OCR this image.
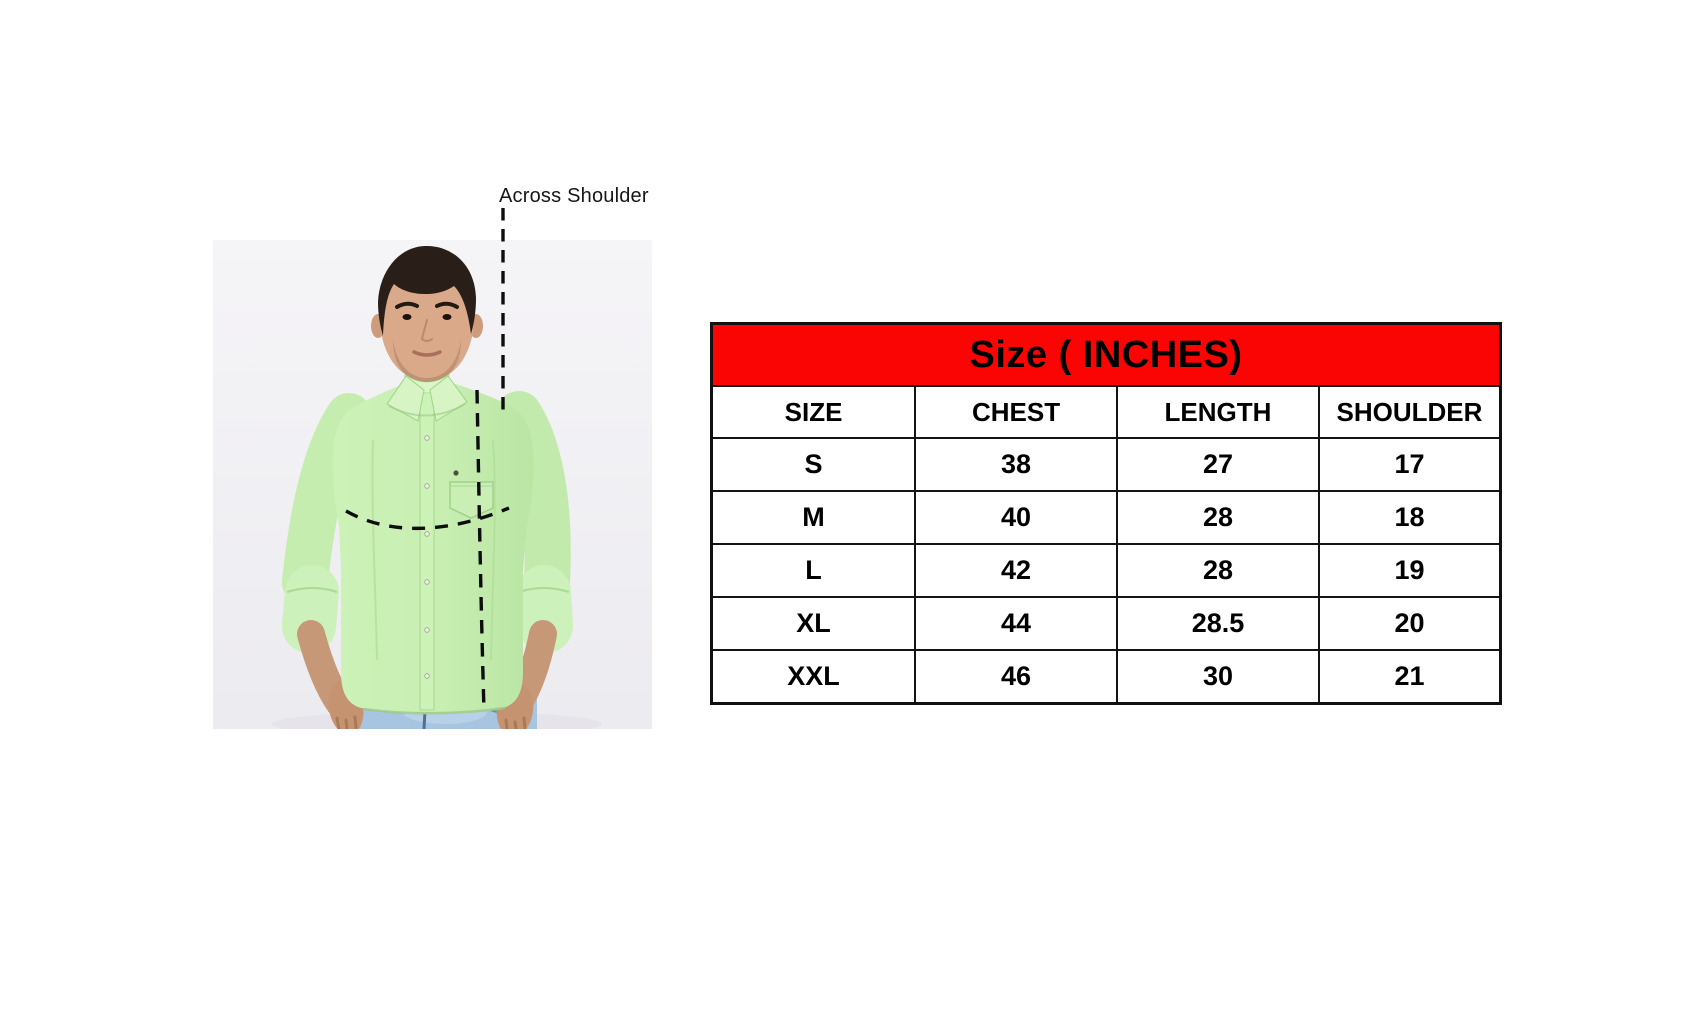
Across Shoulder
Size ( INCHES)			
SIZE	CHEST	LENGTH	SHOULDER
S	38	27	17
M	40	28	18
L	42	28	19
XL	44	28.5	20
XXL	46	30	21
